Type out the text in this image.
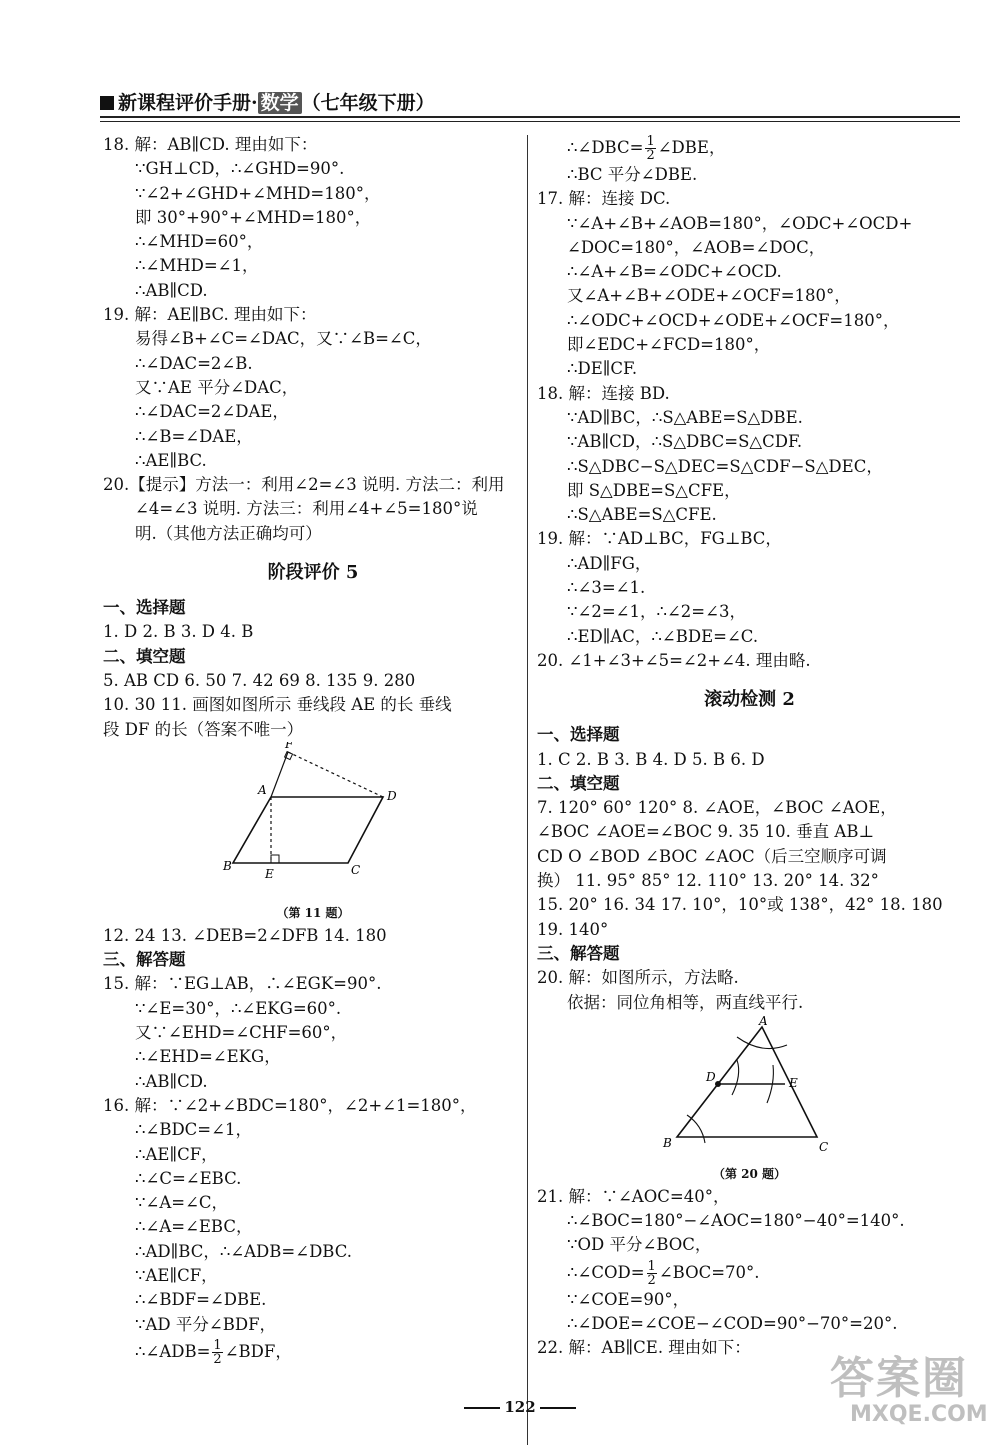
新课程评价手册· 数学 （七年级下册）
18. 解：AB∥CD. 理由如下：
∵GH⊥CD，∴∠GHD=90°.
∵∠2+∠GHD+∠MHD=180°，
即 30°+90°+∠MHD=180°，
∴∠MHD=60°，
∴∠MHD=∠1，
∴AB∥CD.
19. 解：AE∥BC. 理由如下：
易得∠B+∠C=∠DAC，又∵∠B=∠C，
∴∠DAC=2∠B.
又∵AE 平分∠DAC，
∴∠DAC=2∠DAE，
∴∠B=∠DAE，
∴AE∥BC.
20.【提示】方法一：利用∠2=∠3 说明. 方法二：利用
∠4=∠3 说明. 方法三：利用∠4+∠5=180°说
明.（其他方法正确均可）
阶段评价 5
一、选择题
1. D 2. B 3. D 4. B
二、填空题
5. AB CD 6. 50 7. 42 69 8. 135 9. 280
10. 30 11. 画图如图所示 垂线段 AE 的长 垂线
段 DF 的长（答案不唯一）
F
A	D
B
E	C
（第 11 题）
12. 24 13. ∠DEB=2∠DFB 14. 180
三、解答题
15. 解：∵EG⊥AB，∴∠EGK=90°.
∵∠E=30°，∴∠EKG=60°.
又∵∠EHD=∠CHF=60°，
∴∠EHD=∠EKG，
∴AB∥CD.
16. 解：∵∠2+∠BDC=180°，∠2+∠1=180°，
∴∠BDC=∠1，
∴AE∥CF，
∴∠C=∠EBC.
∵∠A=∠C，
∴∠A=∠EBC，
∴AD∥BC，∴∠ADB=∠DBC.
∵AE∥CF，
∴∠BDF=∠DBE.
∵AD 平分∠BDF，
∴∠ADB= $\frac{1}{2}$ ∠BDF，
∴∠DBC= $\frac{1}{2}$ ∠DBE，
∴BC 平分∠DBE.
17. 解：连接 DC.
∵∠A+∠B+∠AOB=180°，∠ODC+∠OCD+
∠DOC=180°，∠AOB=∠DOC，
∴∠A+∠B=∠ODC+∠OCD.
又∠A+∠B+∠ODE+∠OCF=180°，
∴∠ODC+∠OCD+∠ODE+∠OCF=180°，
即∠EDC+∠FCD=180°，
∴DE∥CF.
18. 解：连接 BD.
∵AD∥BC，∴S△ABE=S△DBE.
∵AB∥CD，∴S△DBC=S△CDF.
∴S△DBC−S△DEC=S△CDF−S△DEC，
即 S△DBE=S△CFE，
∴S△ABE=S△CFE.
19. 解：∵AD⊥BC，FG⊥BC，
∴AD∥FG，
∴∠3=∠1.
∵∠2=∠1，∴∠2=∠3，
∴ED∥AC，∴∠BDE=∠C.
20. ∠1+∠3+∠5=∠2+∠4. 理由略.
滚动检测 2
一、选择题
1. C 2. B 3. B 4. D 5. B 6. D
二、填空题
7. 120° 60° 120° 8. ∠AOE，∠BOC ∠AOE，
∠BOC ∠AOE=∠BOC 9. 35 10. 垂直 AB⊥
CD O ∠BOD ∠BOC ∠AOC（后三空顺序可调
换） 11. 95° 85° 12. 110° 13. 20° 14. 32°
15. 20° 16. 34 17. 10°，10°或 138°，42° 18. 180
19. 140°
三、解答题
20. 解：如图所示，方法略.
依据：同位角相等，两直线平行.
A
D	E
B	C
（第 20 题）
21. 解：∵∠AOC=40°，
∴∠BOC=180°−∠AOC=180°−40°=140°.
∵OD 平分∠BOC，
∴∠COD= $\frac{1}{2}$ ∠BOC=70°.
∵∠COE=90°，
∴∠DOE=∠COE−∠COD=90°−70°=20°.
22. 解：AB∥CE. 理由如下：
122
答案圈
MXQE.COM
